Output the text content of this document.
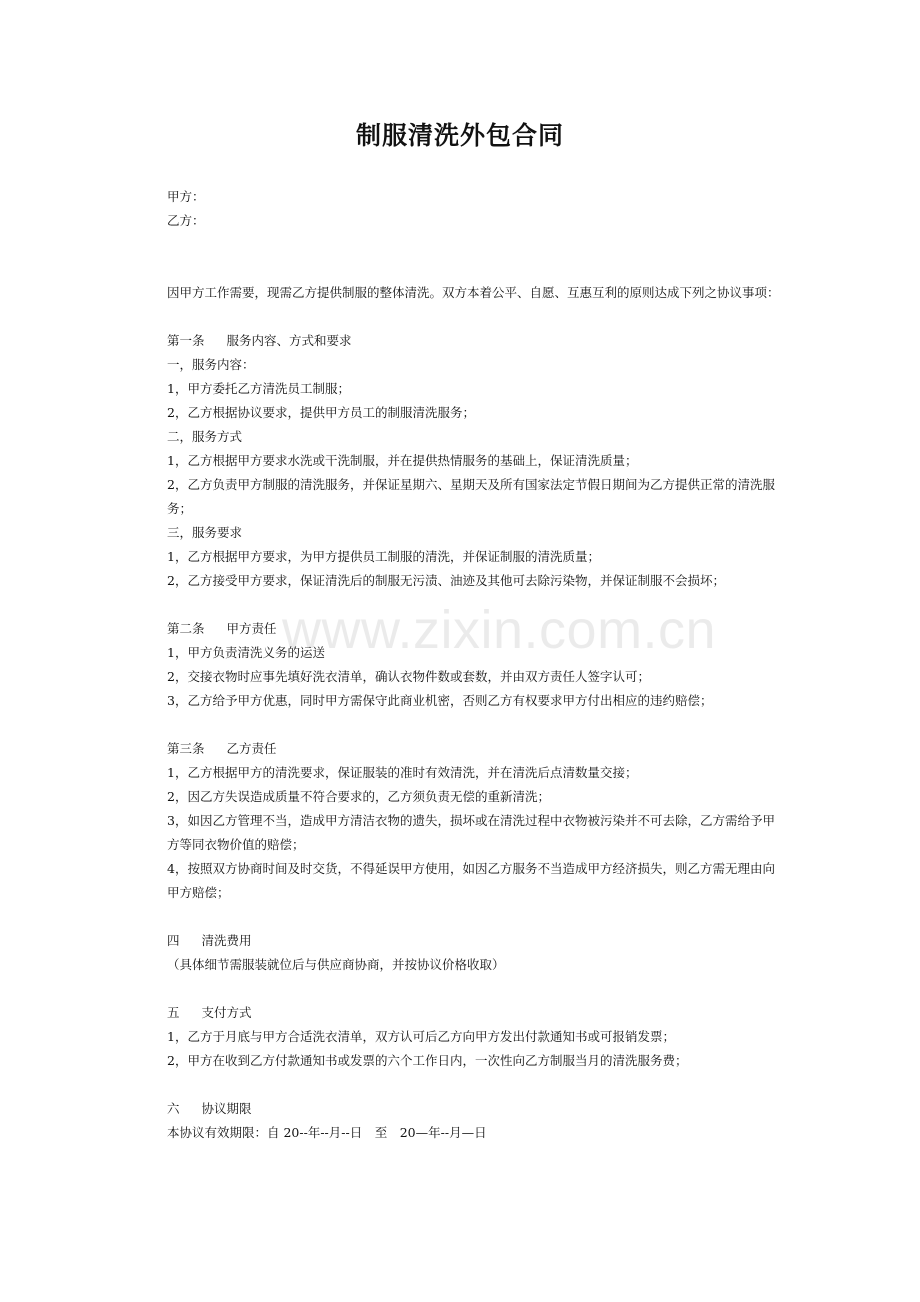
www.zixin.com.cn
制服清洗外包合同
甲方：
乙方：
因甲方工作需要，现需乙方提供制服的整体清洗。双方本着公平、自愿、互惠互利的原则达成下列之协议事项：
第一条 服务内容、方式和要求
一，服务内容：
1，甲方委托乙方清洗员工制服；
2，乙方根据协议要求，提供甲方员工的制服清洗服务；
二，服务方式
1，乙方根据甲方要求水洗或干洗制服，并在提供热情服务的基础上，保证清洗质量；
2，乙方负责甲方制服的清洗服务，并保证星期六、星期天及所有国家法定节假日期间为乙方提供正常的清洗服务；
三，服务要求
1，乙方根据甲方要求，为甲方提供员工制服的清洗，并保证制服的清洗质量；
2，乙方接受甲方要求，保证清洗后的制服无污渍、油迹及其他可去除污染物，并保证制服不会损坏；
第二条 甲方责任
1，甲方负责清洗义务的运送
2，交接衣物时应事先填好洗衣清单，确认衣物件数或套数，并由双方责任人签字认可；
3，乙方给予甲方优惠，同时甲方需保守此商业机密，否则乙方有权要求甲方付出相应的违约赔偿；
第三条 乙方责任
1，乙方根据甲方的清洗要求，保证服装的准时有效清洗，并在清洗后点清数量交接；
2，因乙方失误造成质量不符合要求的，乙方须负责无偿的重新清洗；
3，如因乙方管理不当，造成甲方清洁衣物的遗失，损坏或在清洗过程中衣物被污染并不可去除，乙方需给予甲方等同衣物价值的赔偿；
4，按照双方协商时间及时交货，不得延误甲方使用，如因乙方服务不当造成甲方经济损失，则乙方需无理由向甲方赔偿；
四 清洗费用
（具体细节需服装就位后与供应商协商，并按协议价格收取）
五 支付方式
1，乙方于月底与甲方合适洗衣清单，双方认可后乙方向甲方发出付款通知书或可报销发票；
2，甲方在收到乙方付款通知书或发票的六个工作日内，一次性向乙方制服当月的清洗服务费；
六 协议期限
本协议有效期限：自 20--年--月--日　至　20—年--月—日
